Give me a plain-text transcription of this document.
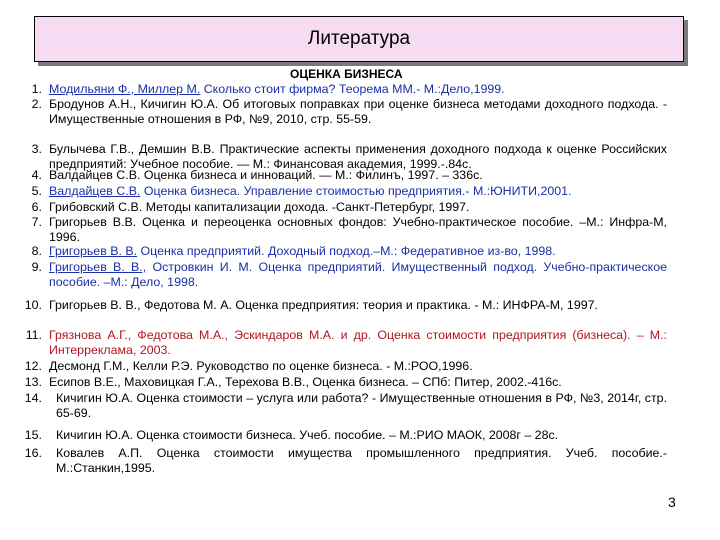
Литература
ОЦЕНКА БИЗНЕСА
1. Модильяни Ф., Миллер М. Сколько стоит фирма? Теорема ММ.- М.:Дело,1999.
2. Бродунов А.Н., Кичигин Ю.А. Об итоговых поправках при оценке бизнеса методами доходного подхода. - Имущественные отношения в РФ, №9, 2010, стр. 55-59.
3. Булычева Г.В., Демшин В.В. Практические аспекты применения доходного подхода к оценке Российских предприятий: Учебное пособие. — М.: Финансовая академия, 1999.-.84с.
4. Валдайцев С.В. Оценка бизнеса и инноваций. — М.: Филинъ, 1997. – 336с.
5. Валдайцев С.В. Оценка бизнеса. Управление стоимостью предприятия.- М.:ЮНИТИ,2001.
6. Грибовский С.В. Методы капитализации дохода. -Санкт-Петербург, 1997.
7. Григорьев В.В. Оценка и переоценка основных фондов: Учебно-практическое пособие. –М.: Инфра-М, 1996.
8. Григорьев В. В. Оценка предприятий. Доходный подход.–М.: Федеративное из-во, 1998.
9. Григорьев В. В., Островкин И. М. Оценка предприятий. Имущественный подход. Учебно-практическое пособие. –М.: Дело, 1998.
10. Григорьев В. В., Федотова М. А. Оценка предприятия: теория и практика. - М.: ИНФРА-М, 1997.
11. Грязнова А.Г., Федотова М.А., Эскиндаров М.А. и др. Оценка стоимости предприятия (бизнеса). – М.: Интерреклама, 2003.
12. Десмонд Г.М., Келли Р.Э. Руководство по оценке бизнеса. - М.:РОО,1996.
13. Есипов В.Е., Маховицкая Г.А., Терехова В.В., Оценка бизнеса. – СПб: Питер, 2002.-416с.
14. Кичигин Ю.А. Оценка стоимости – услуга или работа? - Имущественные отношения в РФ, №3, 2014г, стр. 65-69.
15. Кичигин Ю.А. Оценка стоимости бизнеса. Учеб. пособие. – М.:РИО МАОК, 2008г – 28с.
16. Ковалев А.П. Оценка стоимости имущества промышленного предприятия. Учеб. пособие.- М.:Станкин,1995.
3
